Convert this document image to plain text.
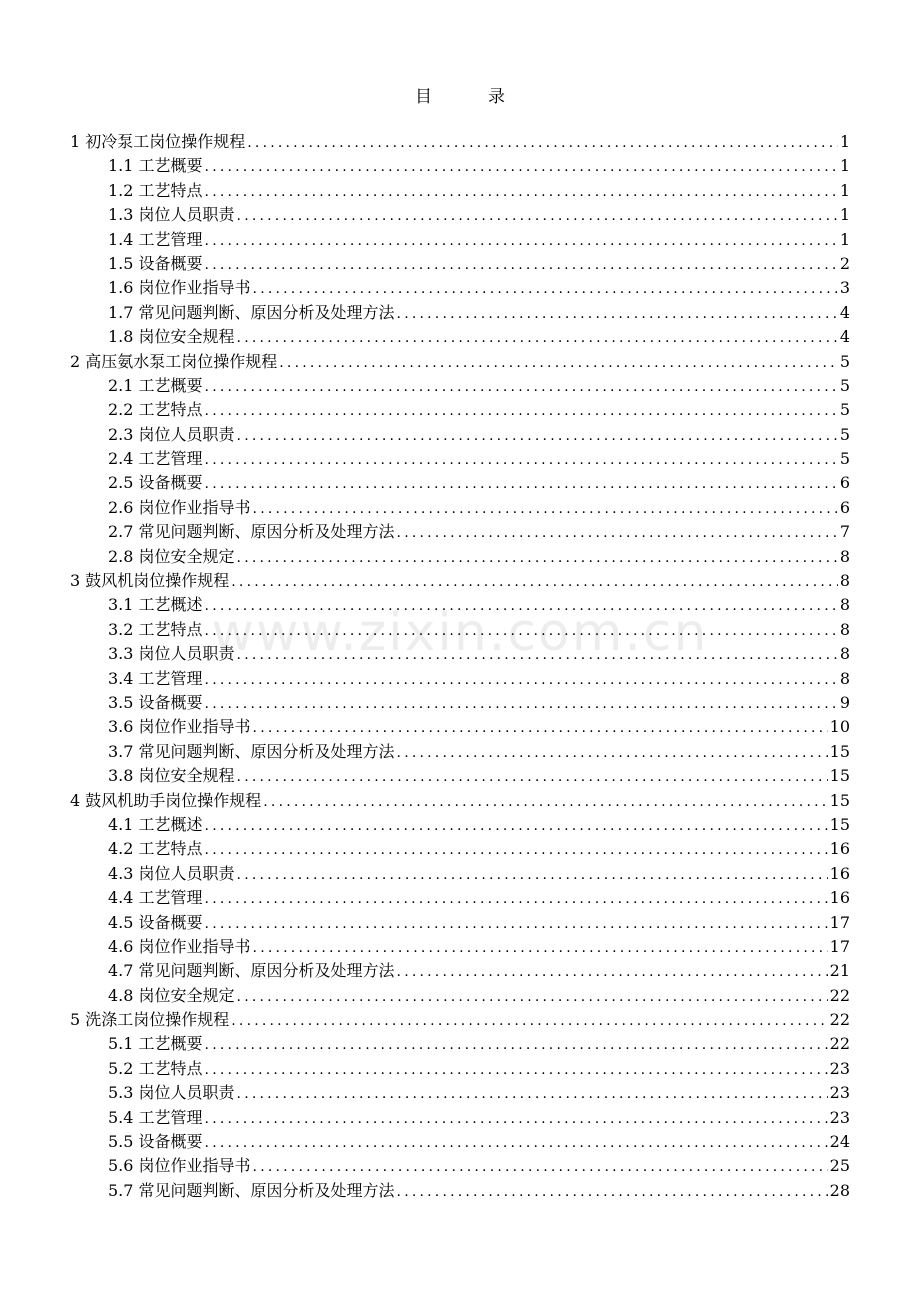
目	录
1 初冷泵工岗位操作规程 .....	1
1.1 工艺概要 .....	1
1.2 工艺特点 .....	1
1.3 岗位人员职责 .....	1
1.4 工艺管理 .....	1
1.5 设备概要 .....	2
1.6 岗位作业指导书 .....	3
1.7 常见问题判断、原因分析及处理方法 .....	4
1.8 岗位安全规程 .....	4
2 高压氨水泵工岗位操作规程 .....	5
2.1 工艺概要 .....	5
2.2 工艺特点 .....	5
2.3 岗位人员职责 .....	5
2.4 工艺管理 .....	5
2.5 设备概要 .....	6
2.6 岗位作业指导书 .....	6
2.7 常见问题判断、原因分析及处理方法 .....	7
2.8 岗位安全规定 .....	8
3 鼓风机岗位操作规程 .....	8
3.1 工艺概述 .....	8
3.2 工艺特点 .....	8
3.3 岗位人员职责 .....	8
3.4 工艺管理 .....	8
3.5 设备概要 .....	9
3.6 岗位作业指导书 .....	10
3.7 常见问题判断、原因分析及处理方法 .....	15
3.8 岗位安全规程 .....	15
4 鼓风机助手岗位操作规程 .....	15
4.1 工艺概述 .....	15
4.2 工艺特点 .....	16
4.3 岗位人员职责 .....	16
4.4 工艺管理 .....	16
4.5 设备概要 .....	17
4.6 岗位作业指导书 .....	17
4.7 常见问题判断、原因分析及处理方法 .....	21
4.8 岗位安全规定 .....	22
5 洗涤工岗位操作规程 .....	22
5.1 工艺概要 .....	22
5.2 工艺特点 .....	23
5.3 岗位人员职责 .....	23
5.4 工艺管理 .....	23
5.5 设备概要 .....	24
5.6 岗位作业指导书 .....	25
5.7 常见问题判断、原因分析及处理方法 .....	28
www.zixin.com.cn
